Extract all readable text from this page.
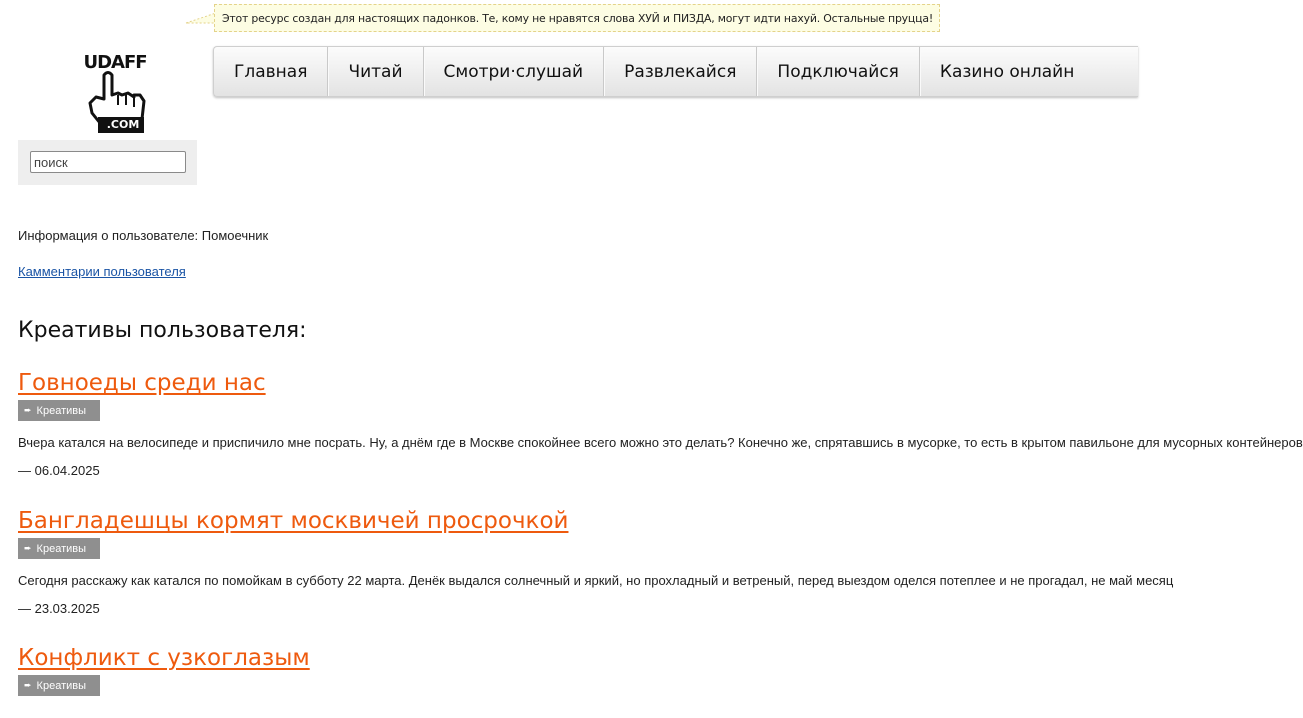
Этот ресурс создан для настоящих падонков. Те, кому не нравятся слова ХУЙ и ПИЗДА, могут идти нахуй. Остальные пруцца!
UDAFF
.COM
поиск
Главная	Читай	Смотри·слушай	Развлекайся	Подключайся	Казино онлайн
Информация о пользователе: Помоечник
Камментарии пользователя
Креативы пользователя:
Говноеды среди нас
➨ Креативы
Вчера катался на велосипеде и приспичило мне посрать. Ну, а днём где в Москве спокойнее всего можно это делать? Конечно же, спрятавшись в мусорке, то есть в крытом павильоне для мусорных контейнеров
— 06.04.2025
Бангладешцы кормят москвичей просрочкой
➨ Креативы
Сегодня расскажу как катался по помойкам в субботу 22 марта. Денёк выдался солнечный и яркий, но прохладный и ветреный, перед выездом оделся потеплее и не прогадал, не май месяц
— 23.03.2025
Конфликт с узкоглазым
➨ Креативы
